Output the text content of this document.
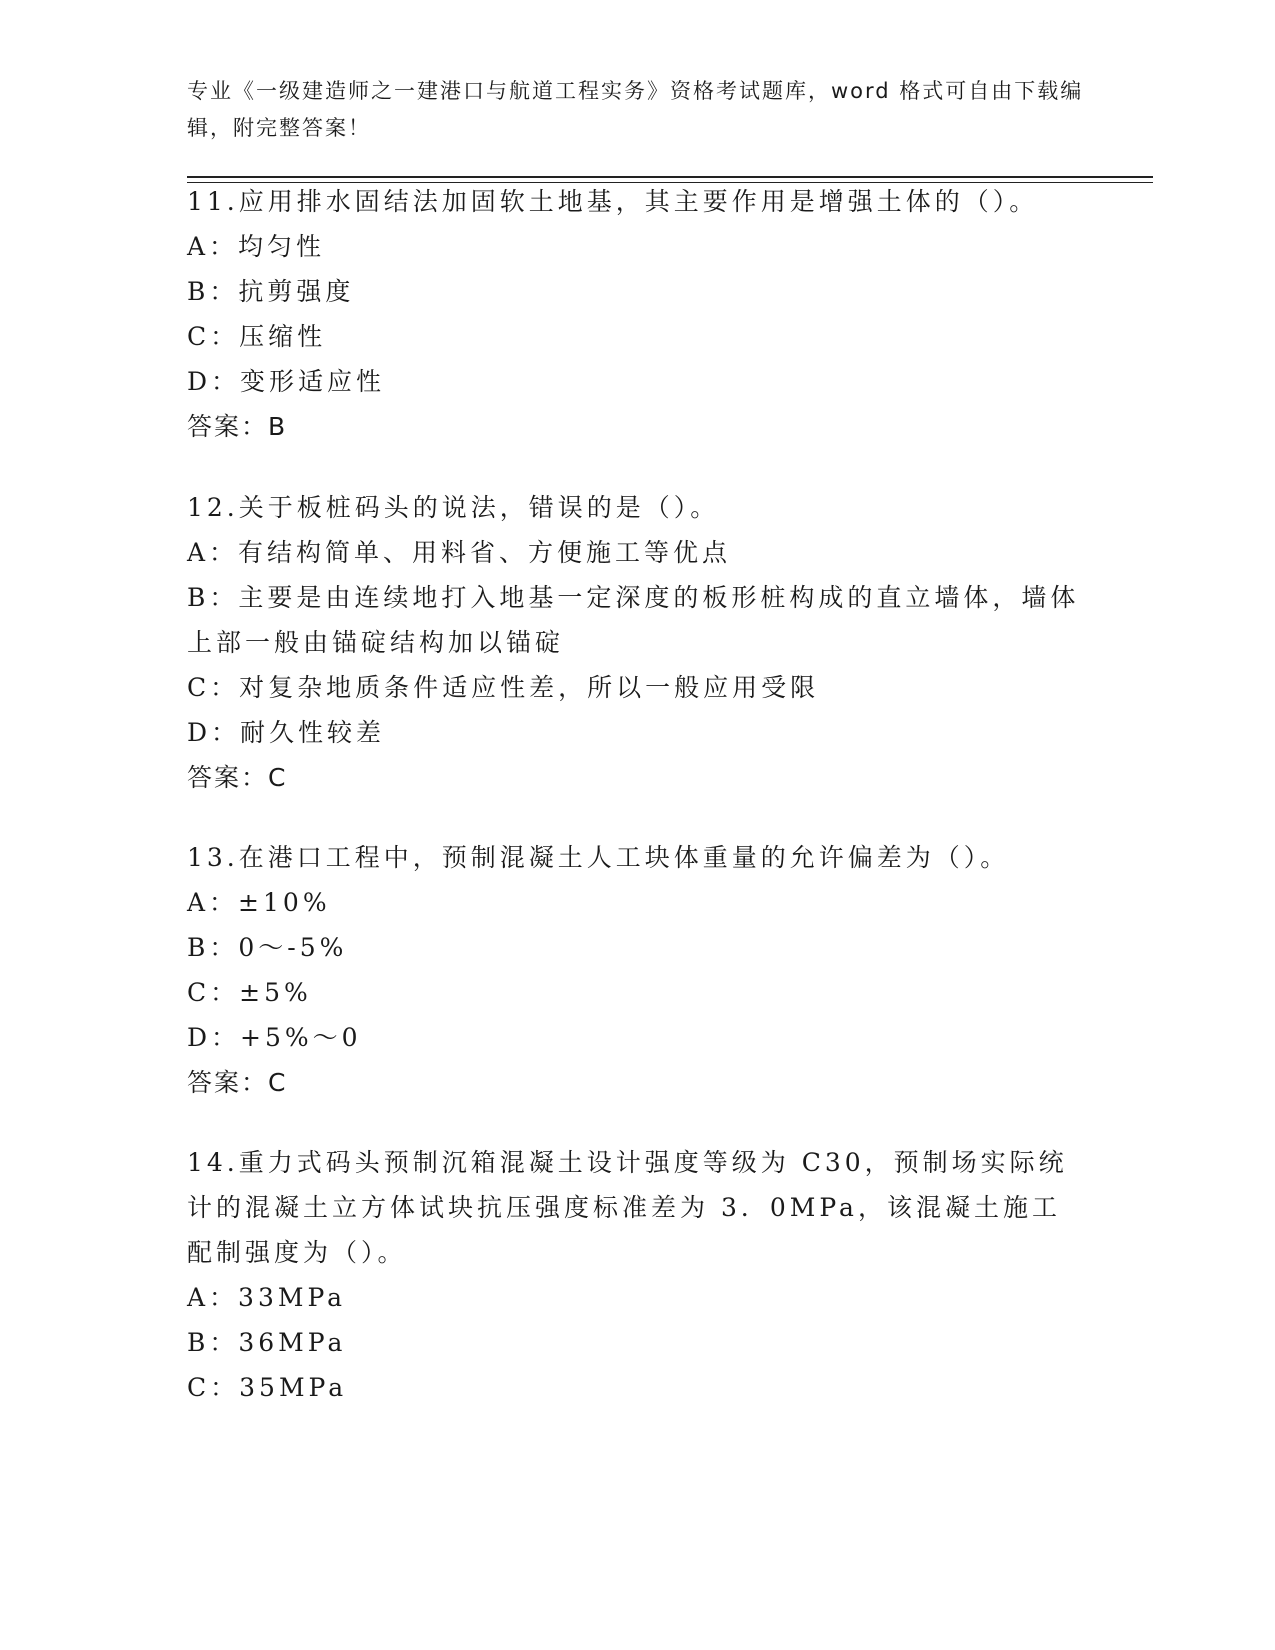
专业《一级建造师之一建港口与航道工程实务》资格考试题库，word 格式可自由下载编辑，附完整答案！

11.应用排水固结法加固软土地基，其主要作用是增强土体的（）。

A：均匀性
B：抗剪强度
C：压缩性
D：变形适应性

答案：B

12.关于板桩码头的说法，错误的是（）。

A：有结构简单、用料省、方便施工等优点
B：主要是由连续地打入地基一定深度的板形桩构成的直立墙体，墙体上部一般由锚碇结构加以锚碇
C：对复杂地质条件适应性差，所以一般应用受限
D：耐久性较差

答案：C

13.在港口工程中，预制混凝土人工块体重量的允许偏差为（）。

A：±10%
B：0～-5%
C：±5%
D：+5%～0

答案：C

14.重力式码头预制沉箱混凝土设计强度等级为 C30，预制场实际统计的混凝土立方体试块抗压强度标准差为 3．0MPa，该混凝土施工配制强度为（）。

A：33MPa
B：36MPa
C：35MPa
